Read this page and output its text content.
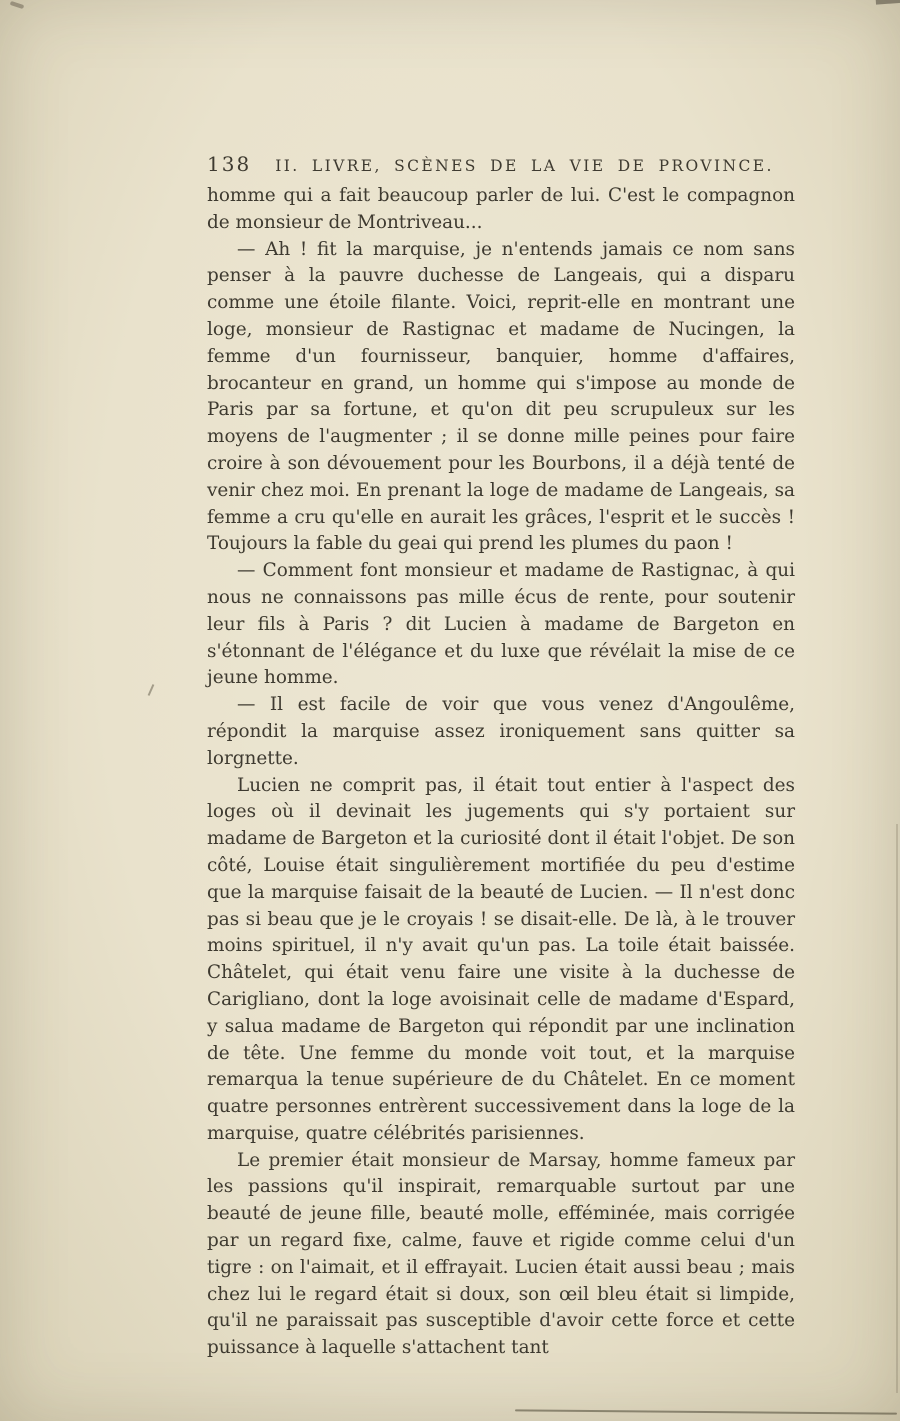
138 II. LIVRE, SCÈNES DE LA VIE DE PROVINCE.

homme qui a fait beaucoup parler de lui. C'est le compagnon de monsieur de Montriveau...

— Ah ! fit la marquise, je n'entends jamais ce nom sans penser à la pauvre duchesse de Langeais, qui a disparu comme une étoile filante. Voici, reprit-elle en montrant une loge, monsieur de Rastignac et madame de Nucingen, la femme d'un fournisseur, banquier, homme d'affaires, brocanteur en grand, un homme qui s'impose au monde de Paris par sa fortune, et qu'on dit peu scrupuleux sur les moyens de l'augmenter ; il se donne mille peines pour faire croire à son dévouement pour les Bourbons, il a déjà tenté de venir chez moi. En prenant la loge de madame de Langeais, sa femme a cru qu'elle en aurait les grâces, l'esprit et le succès ! Toujours la fable du geai qui prend les plumes du paon !

— Comment font monsieur et madame de Rastignac, à qui nous ne connaissons pas mille écus de rente, pour soutenir leur fils à Paris ? dit Lucien à madame de Bargeton en s'étonnant de l'élégance et du luxe que révélait la mise de ce jeune homme.

— Il est facile de voir que vous venez d'Angoulême, répondit la marquise assez ironiquement sans quitter sa lorgnette.

Lucien ne comprit pas, il était tout entier à l'aspect des loges où il devinait les jugements qui s'y portaient sur madame de Bargeton et la curiosité dont il était l'objet. De son côté, Louise était singulièrement mortifiée du peu d'estime que la marquise faisait de la beauté de Lucien. — Il n'est donc pas si beau que je le croyais ! se disait-elle. De là, à le trouver moins spirituel, il n'y avait qu'un pas. La toile était baissée. Châtelet, qui était venu faire une visite à la duchesse de Carigliano, dont la loge avoisinait celle de madame d'Espard, y salua madame de Bargeton qui répondit par une inclination de tête. Une femme du monde voit tout, et la marquise remarqua la tenue supérieure de du Châtelet. En ce moment quatre personnes entrèrent successivement dans la loge de la marquise, quatre célébrités parisiennes.

Le premier était monsieur de Marsay, homme fameux par les passions qu'il inspirait, remarquable surtout par une beauté de jeune fille, beauté molle, efféminée, mais corrigée par un regard fixe, calme, fauve et rigide comme celui d'un tigre : on l'aimait, et il effrayait. Lucien était aussi beau ; mais chez lui le regard était si doux, son œil bleu était si limpide, qu'il ne paraissait pas susceptible d'avoir cette force et cette puissance à laquelle s'attachent tant
